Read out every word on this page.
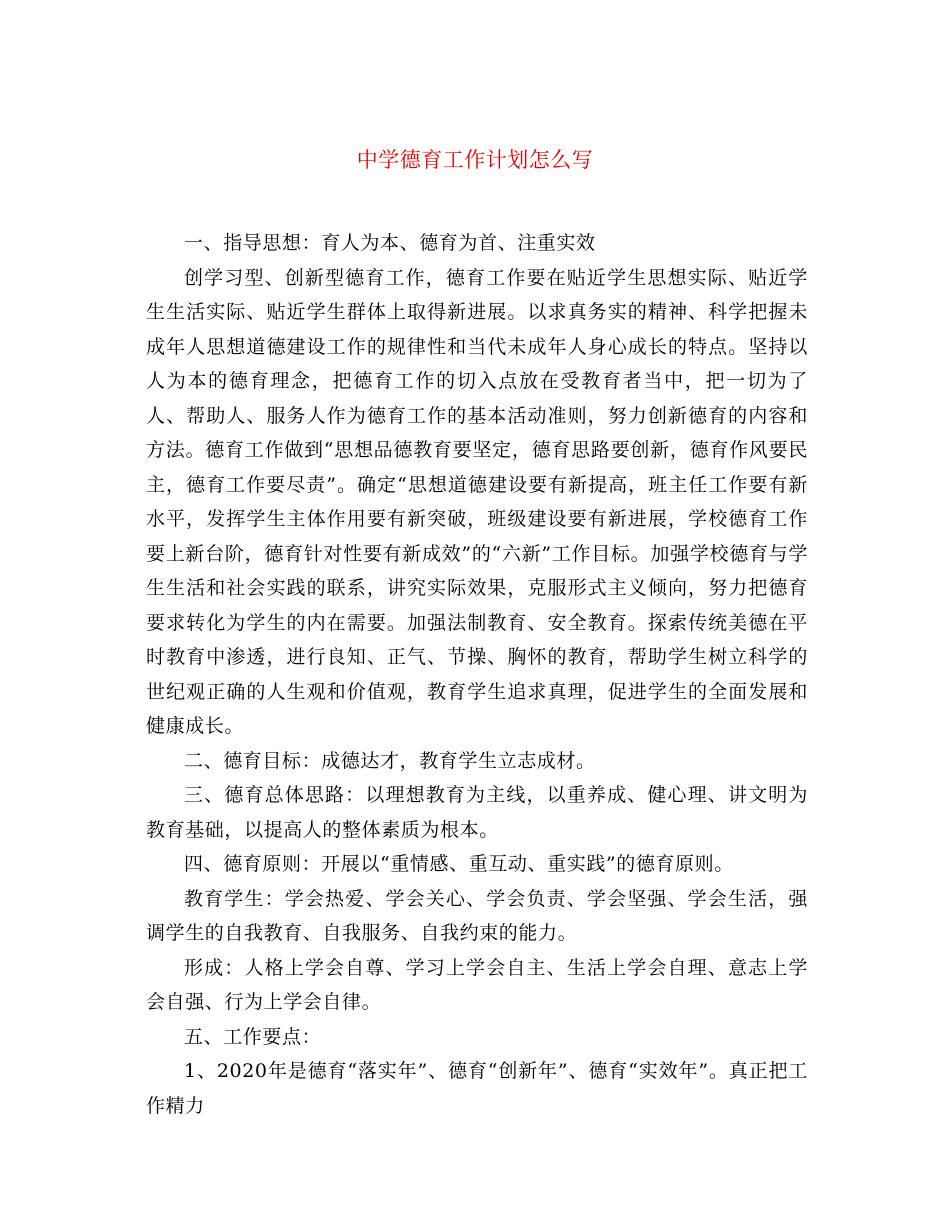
中学德育工作计划怎么写

一、指导思想：育人为本、德育为首、注重实效

创学习型、创新型德育工作，德育工作要在贴近学生思想实际、贴近学生生活实际、贴近学生群体上取得新进展。以求真务实的精神、科学把握未成年人思想道德建设工作的规律性和当代未成年人身心成长的特点。坚持以人为本的德育理念，把德育工作的切入点放在受教育者当中，把一切为了人、帮助人、服务人作为德育工作的基本活动准则，努力创新德育的内容和方法。德育工作做到“思想品德教育要坚定，德育思路要创新，德育作风要民主，德育工作要尽责”。确定“思想道德建设要有新提高，班主任工作要有新水平，发挥学生主体作用要有新突破，班级建设要有新进展，学校德育工作要上新台阶，德育针对性要有新成效”的“六新”工作目标。加强学校德育与学生生活和社会实践的联系，讲究实际效果，克服形式主义倾向，努力把德育要求转化为学生的内在需要。加强法制教育、安全教育。探索传统美德在平时教育中渗透，进行良知、正气、节操、胸怀的教育，帮助学生树立科学的世纪观正确的人生观和价值观，教育学生追求真理，促进学生的全面发展和健康成长。

二、德育目标：成德达才，教育学生立志成材。

三、德育总体思路：以理想教育为主线，以重养成、健心理、讲文明为教育基础，以提高人的整体素质为根本。

四、德育原则：开展以“重情感、重互动、重实践”的德育原则。

教育学生：学会热爱、学会关心、学会负责、学会坚强、学会生活，强调学生的自我教育、自我服务、自我约束的能力。

形成：人格上学会自尊、学习上学会自主、生活上学会自理、意志上学会自强、行为上学会自律。

五、工作要点：

1、2020年是德育“落实年”、德育“创新年”、德育“实效年”。真正把工作精力
